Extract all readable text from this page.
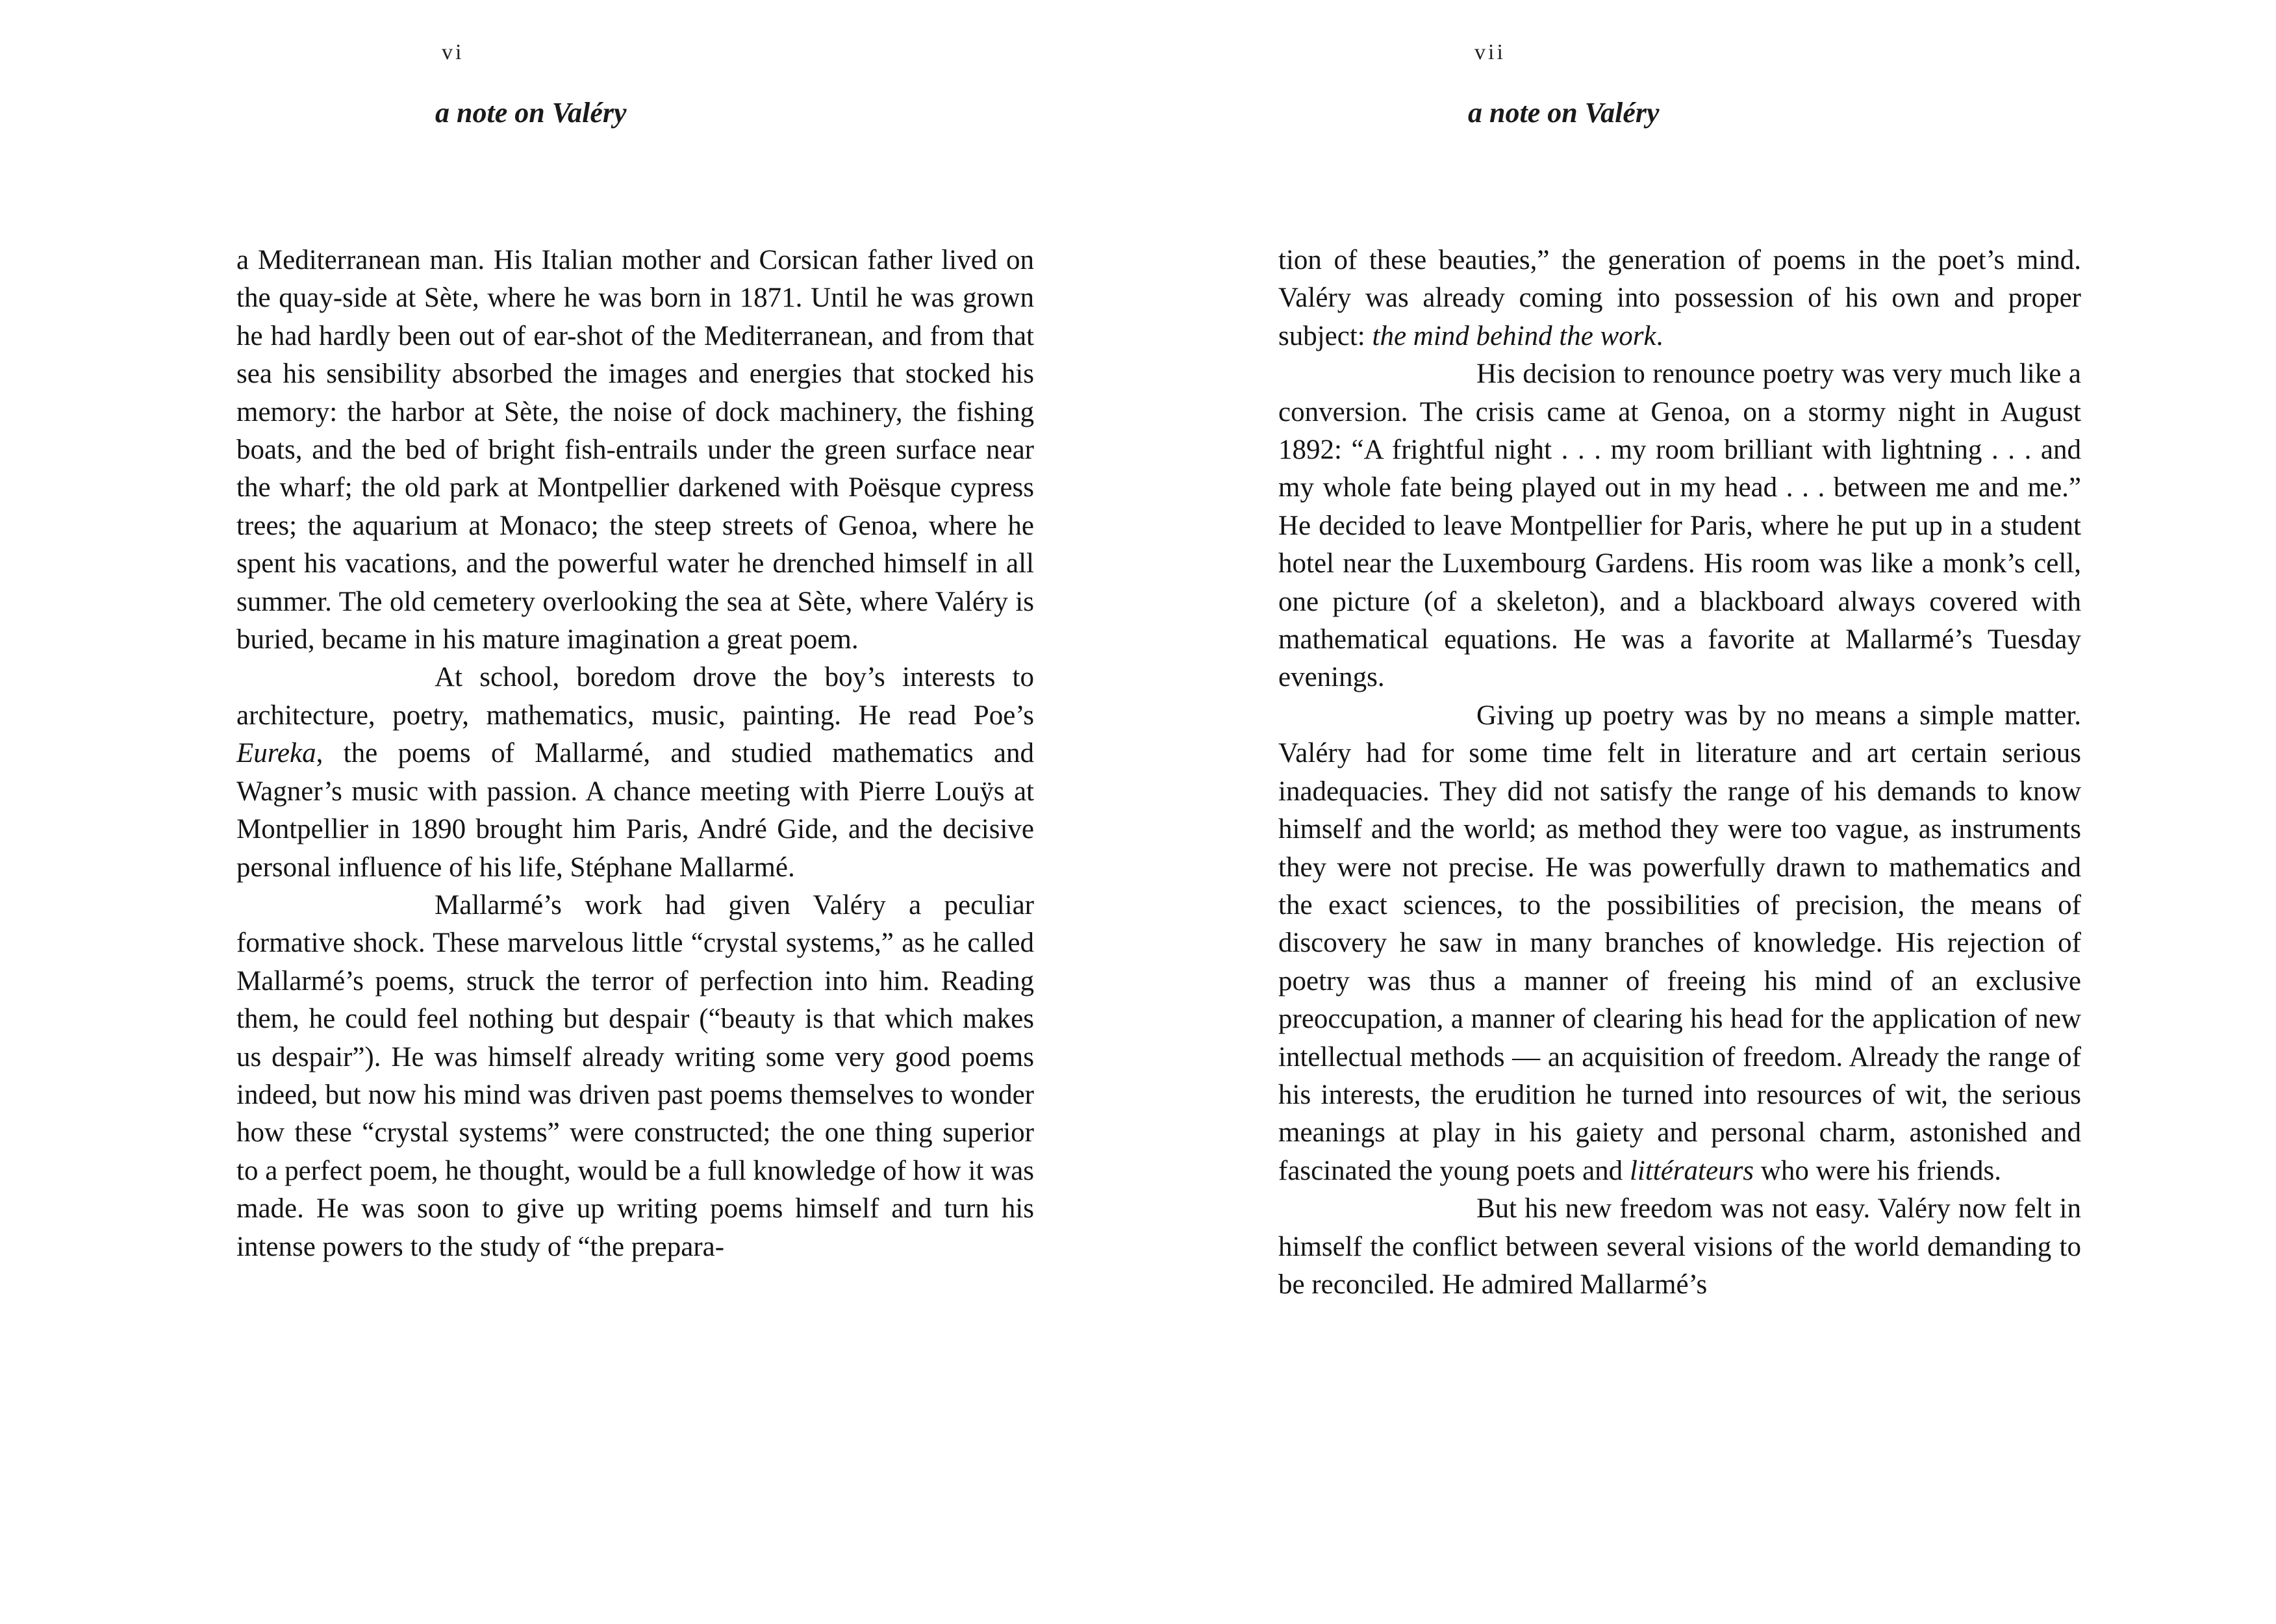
vi
a note on Valéry

a Mediterranean man. His Italian mother and Corsican father lived on the quay-side at Sète, where he was born in 1871. Until he was grown he had hardly been out of ear-shot of the Mediterranean, and from that sea his sensibility absorbed the images and energies that stocked his memory: the harbor at Sète, the noise of dock machinery, the fishing boats, and the bed of bright fish-entrails under the green surface near the wharf; the old park at Montpellier darkened with Poësque cypress trees; the aquarium at Monaco; the steep streets of Genoa, where he spent his vacations, and the powerful water he drenched himself in all summer. The old cemetery overlooking the sea at Sète, where Valéry is buried, became in his mature imagination a great poem.

At school, boredom drove the boy’s interests to architecture, poetry, mathematics, music, painting. He read Poe’s Eureka, the poems of Mallarmé, and studied mathematics and Wagner’s music with passion. A chance meeting with Pierre Louÿs at Montpellier in 1890 brought him Paris, André Gide, and the decisive personal influence of his life, Stéphane Mallarmé.

Mallarmé’s work had given Valéry a peculiar formative shock. These marvelous little “crystal systems,” as he called Mallarmé’s poems, struck the terror of perfection into him. Reading them, he could feel nothing but despair (“beauty is that which makes us despair”). He was himself already writing some very good poems indeed, but now his mind was driven past poems themselves to wonder how these “crystal systems” were constructed; the one thing superior to a perfect poem, he thought, would be a full knowledge of how it was made. He was soon to give up writing poems himself and turn his intense powers to the study of “the prepara-

vii
a note on Valéry

tion of these beauties,” the generation of poems in the poet’s mind. Valéry was already coming into possession of his own and proper subject: the mind behind the work.

His decision to renounce poetry was very much like a conversion. The crisis came at Genoa, on a stormy night in August 1892: “A frightful night . . . my room brilliant with lightning . . . and my whole fate being played out in my head . . . between me and me.” He decided to leave Montpellier for Paris, where he put up in a student hotel near the Luxembourg Gardens. His room was like a monk’s cell, one picture (of a skeleton), and a blackboard always covered with mathematical equations. He was a favorite at Mallarmé’s Tuesday evenings.

Giving up poetry was by no means a simple matter. Valéry had for some time felt in literature and art certain serious inadequacies. They did not satisfy the range of his demands to know himself and the world; as method they were too vague, as instruments they were not precise. He was powerfully drawn to mathematics and the exact sciences, to the possibilities of precision, the means of discovery he saw in many branches of knowledge. His rejection of poetry was thus a manner of freeing his mind of an exclusive preoccupation, a manner of clearing his head for the application of new intellectual methods — an acquisition of freedom. Already the range of his interests, the erudition he turned into resources of wit, the serious meanings at play in his gaiety and personal charm, astonished and fascinated the young poets and littérateurs who were his friends.

But his new freedom was not easy. Valéry now felt in himself the conflict between several visions of the world demanding to be reconciled. He admired Mallarmé’s
